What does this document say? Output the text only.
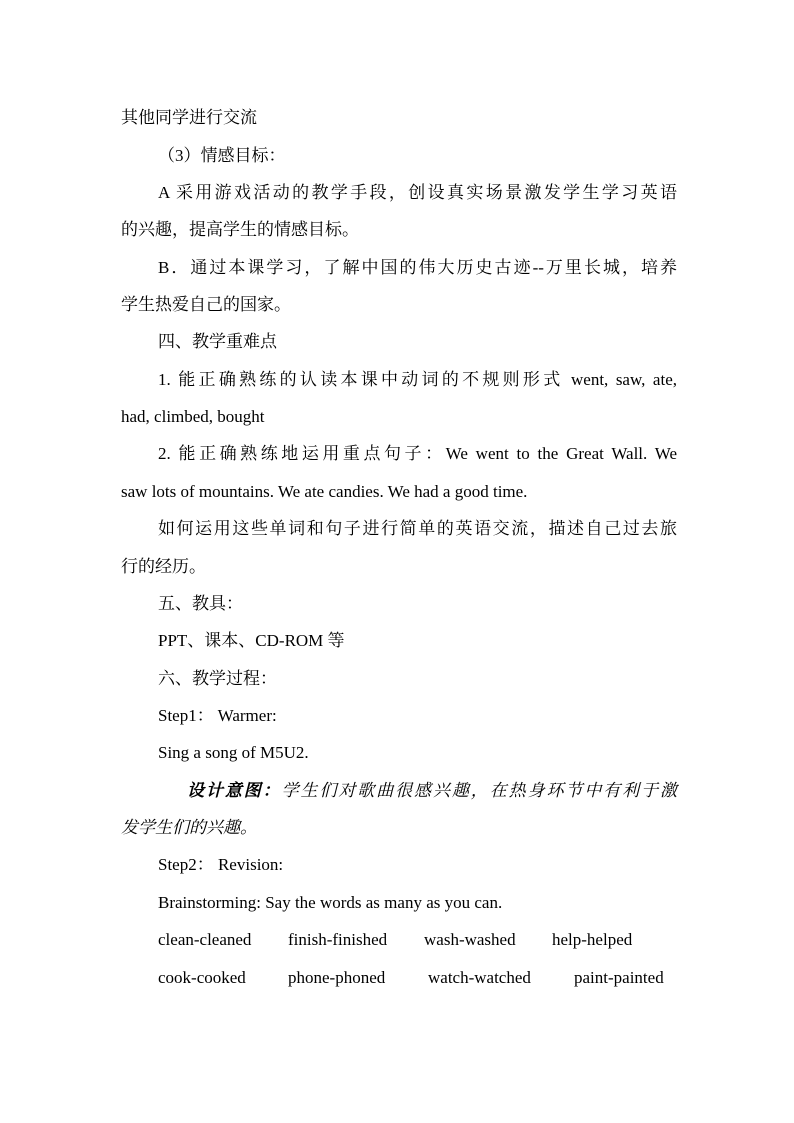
其他同学进行交流
（3）情感目标：
A 采用游戏活动的教学手段，创设真实场景激发学生学习英语
的兴趣，提高学生的情感目标。
B．通过本课学习，了解中国的伟大历史古迹--万里长城，培养
学生热爱自己的国家。
四、教学重难点
1. 能正确熟练的认读本课中动词的不规则形式 went, saw, ate,
had, climbed, bought
2. 能正确熟练地运用重点句子：We went to the Great Wall. We
saw lots of mountains. We ate candies. We had a good time.
如何运用这些单词和句子进行简单的英语交流，描述自己过去旅
行的经历。
五、教具：
PPT、课本、CD-ROM 等
六、教学过程：
Step1： Warmer:
Sing a song of M5U2.
设计意图：学生们对歌曲很感兴趣，在热身环节中有利于激
发学生们的兴趣。
Step2： Revision:
Brainstorming: Say the words as many as you can.
clean-cleaned finish-finished wash-washed help-helped
cook-cooked phone-phoned	watch-watched	paint-painted
